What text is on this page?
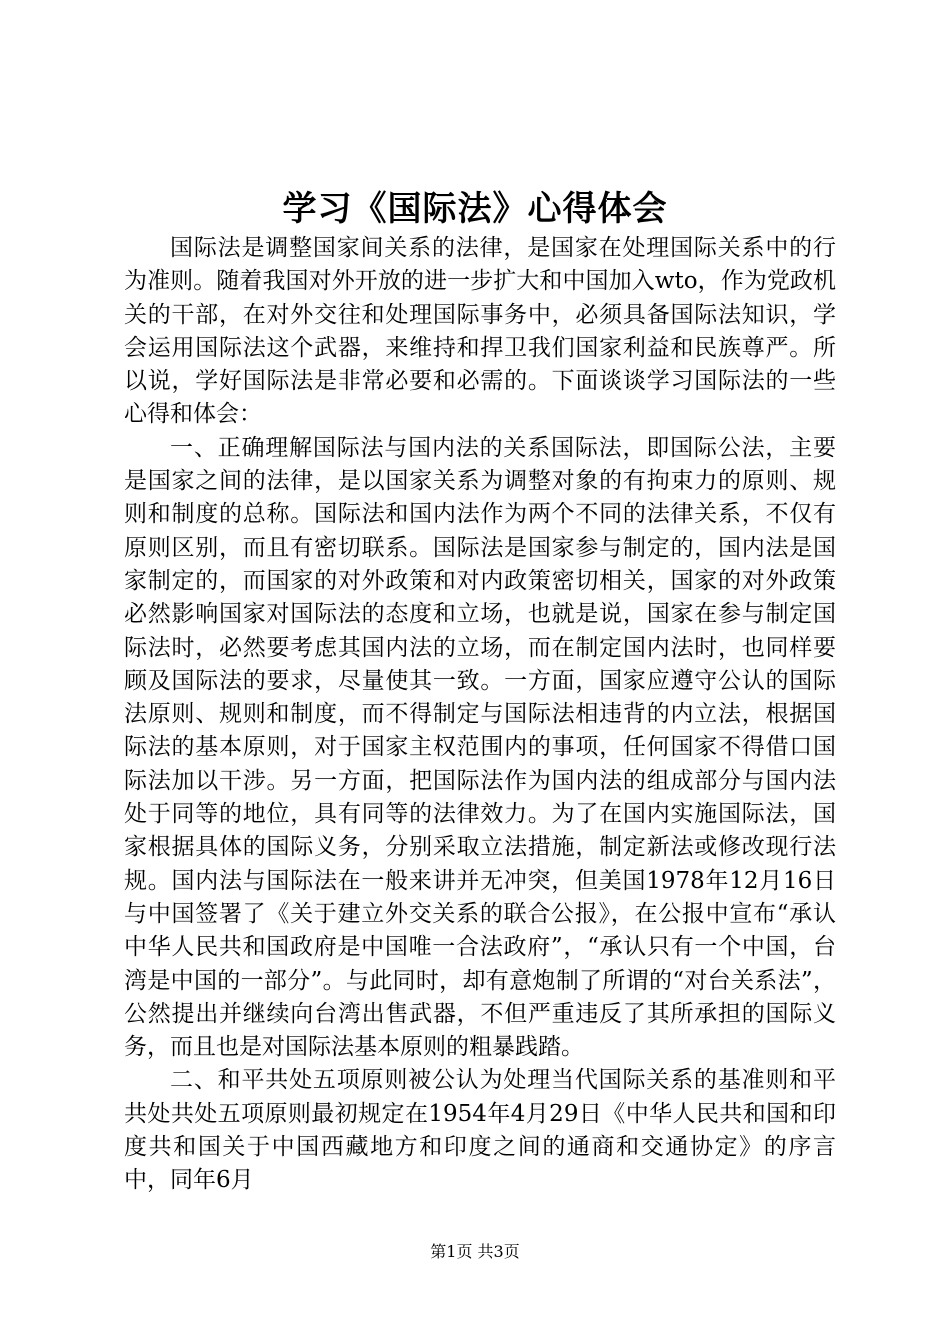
学习《国际法》心得体会

国际法是调整国家间关系的法律，是国家在处理国际关系中的行为准则。随着我国对外开放的进一步扩大和中国加入wto，作为党政机关的干部，在对外交往和处理国际事务中，必须具备国际法知识，学会运用国际法这个武器，来维持和捍卫我们国家利益和民族尊严。所以说，学好国际法是非常必要和必需的。下面谈谈学习国际法的一些心得和体会：

一、正确理解国际法与国内法的关系国际法，即国际公法，主要是国家之间的法律，是以国家关系为调整对象的有拘束力的原则、规则和制度的总称。国际法和国内法作为两个不同的法律关系，不仅有原则区别，而且有密切联系。国际法是国家参与制定的，国内法是国家制定的，而国家的对外政策和对内政策密切相关，国家的对外政策必然影响国家对国际法的态度和立场，也就是说，国家在参与制定国际法时，必然要考虑其国内法的立场，而在制定国内法时，也同样要顾及国际法的要求，尽量使其一致。一方面，国家应遵守公认的国际法原则、规则和制度，而不得制定与国际法相违背的内立法，根据国际法的基本原则，对于国家主权范围内的事项，任何国家不得借口国际法加以干涉。另一方面，把国际法作为国内法的组成部分与国内法处于同等的地位，具有同等的法律效力。为了在国内实施国际法，国家根据具体的国际义务，分别采取立法措施，制定新法或修改现行法规。国内法与国际法在一般来讲并无冲突，但美国1978年12月16日与中国签署了《关于建立外交关系的联合公报》，在公报中宣布“承认中华人民共和国政府是中国唯一合法政府”，“承认只有一个中国，台湾是中国的一部分”。与此同时，却有意炮制了所谓的“对台关系法”，公然提出并继续向台湾出售武器，不但严重违反了其所承担的国际义务，而且也是对国际法基本原则的粗暴践踏。

二、和平共处五项原则被公认为处理当代国际关系的基准则和平共处共处五项原则最初规定在1954年4月29日《中华人民共和国和印度共和国关于中国西藏地方和印度之间的通商和交通协定》的序言中，同年6月

第1页 共3页
